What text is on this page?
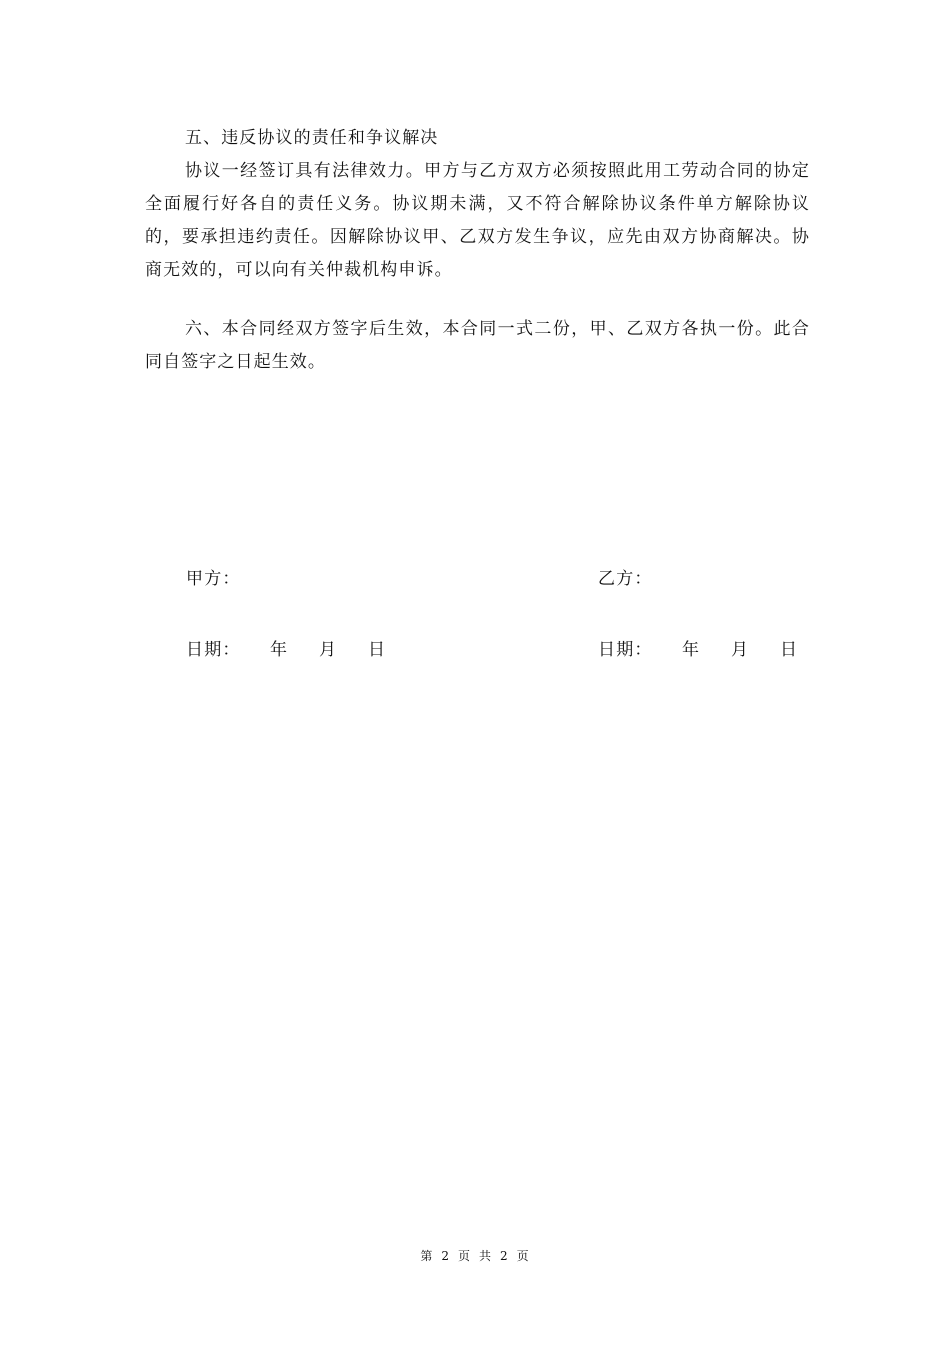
五、违反协议的责任和争议解决

协议一经签订具有法律效力。甲方与乙方双方必须按照此用工劳动合同的协定全面履行好各自的责任义务。协议期未满，又不符合解除协议条件单方解除协议的，要承担违约责任。因解除协议甲、乙双方发生争议，应先由双方协商解决。协商无效的，可以向有关仲裁机构申诉。

六、本合同经双方签字后生效，本合同一式二份，甲、乙双方各执一份。此合同自签字之日起生效。

甲方：	乙方：
日期： 年 月 日	日期： 年 月 日
第 2 页 共 2 页
